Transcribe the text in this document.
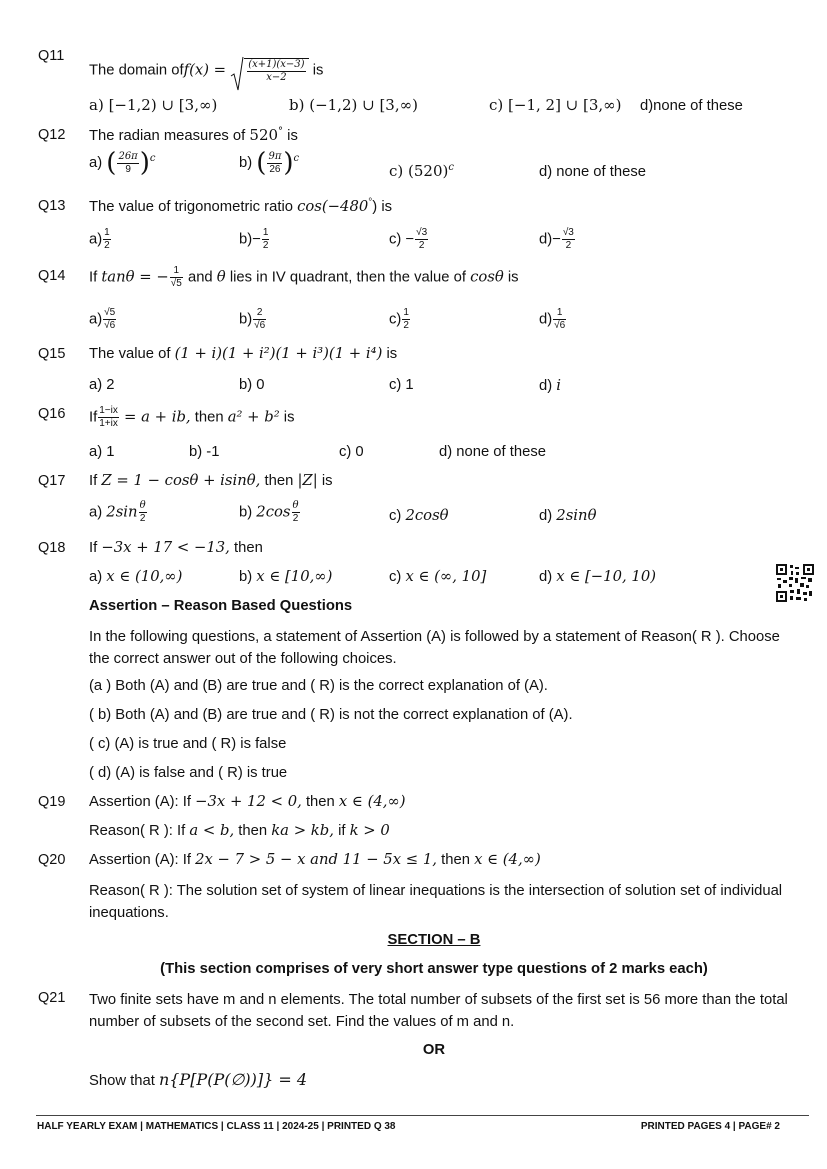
Q11
The domain $off(x) = \frac{(x+1)(x-3)}{x-2}$ is
a) [−1,2) ∪ [3,∞)	b) (−1,2) ∪ [3,∞)	c) [−1, 2] ∪ [3,∞) d)none of these
Q12 The radian measures of 520° is
a) ( $\frac{26\pi}{9} )^c$	b) ( $\frac{9\pi}{26} )^c$
c) $(520)^c$	d) none of these
Q13 The value of trigonometric ratio cos(−480°) is
$a) \frac{1}{2}$	$b)- \frac{1}{2}$	$c) - \frac{√3}{2}$	$d)- \frac{√3}{2}$
Q14 If tanθ = − $\frac{1}{√5}$ and θ lies in IV quadrant, then the value of cosθ is
$a) \frac{√5}{√6}$	$b) \frac{2}{√6}$	$c) \frac{1}{2}$	$d) \frac{1}{√6}$
Q15 The value of (1 + i)(1 + i²)(1 + i³)(1 + i⁴) is
a) 2	b) 0	c) 1	d) i
Q16 If $\frac{1-ix}{1+ix} = a$ + ib, then a² + b² is
a) 1	b) -1	c) 0	d) none of these
Q17 If Z = 1 − cosθ + isinθ, then |Z| is
a) $2\sin \frac{\theta}{2}$	b) $2\cos \frac{\theta}{2}$	c) 2cosθ	d) 2sinθ
Q18 If −3x + 17 < −13, then
a) x ∈ (10,∞)	b) x ∈ [10,∞)	c) x ∈ (∞, 10]	d) x ∈ [−10, 10)
Assertion – Reason Based Questions
In the following questions, a statement of Assertion (A) is followed by a statement of Reason( R ). Choose the correct answer out of the following choices.
(a ) Both (A) and (B) are true and ( R) is the correct explanation of (A).
( b) Both (A) and (B) are true and ( R) is not the correct explanation of (A).
( c) (A) is true and ( R) is false
( d) (A) is false and ( R) is true
Q19 Assertion (A): If −3x + 12 < 0, then x ∈ (4,∞)
Reason( R ): If a < b, then ka > kb, if k > 0
Q20 Assertion (A): If 2x − 7 > 5 − x and 11 − 5x ≤ 1, then x ∈ (4,∞)
Reason( R ): The solution set of system of linear inequations is the intersection of solution set of individual inequations.
SECTION – B
(This section comprises of very short answer type questions of 2 marks each)
Q21 Two finite sets have m and n elements. The total number of subsets of the first set is 56 more than the total number of subsets of the second set. Find the values of m and n.
OR
Show that n{P[P(P(∅))]} = 4
HALF YEARLY EXAM | MATHEMATICS | CLASS 11 | 2024-25 | PRINTED Q 38	PRINTED PAGES 4 | PAGE# 2
